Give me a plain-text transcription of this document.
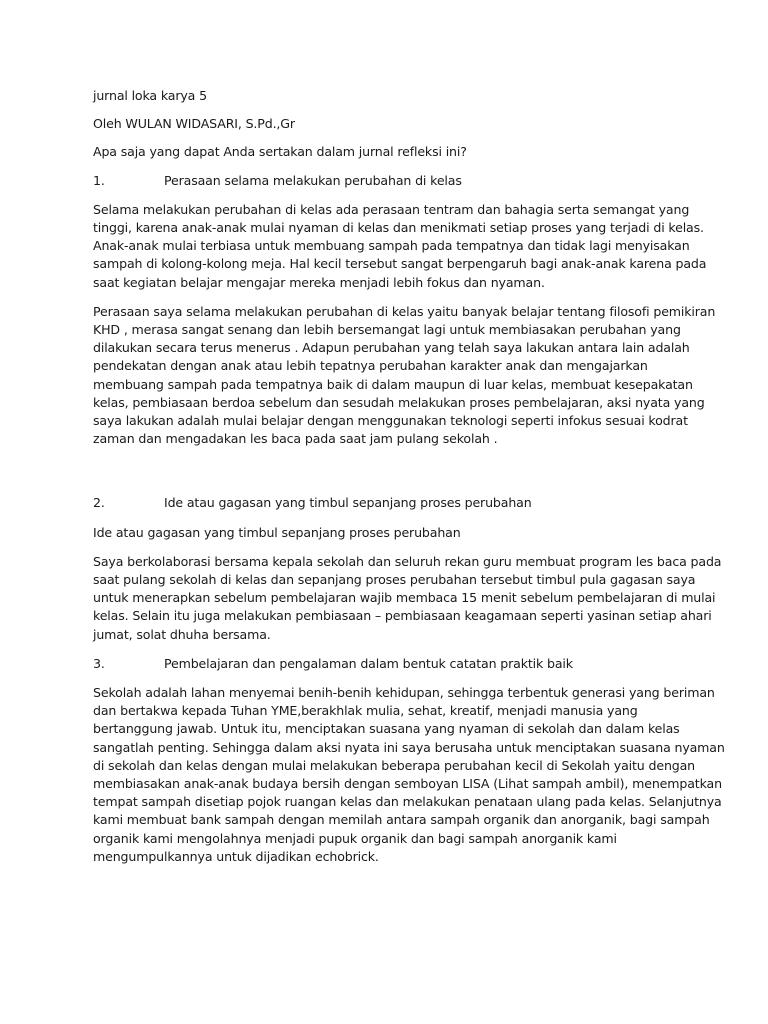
jurnal loka karya 5
Oleh WULAN WIDASARI, S.Pd.,Gr
Apa saja yang dapat Anda sertakan dalam jurnal refleksi ini?
1.	Perasaan selama melakukan perubahan di kelas
Selama melakukan perubahan di kelas ada perasaan tentram dan bahagia serta semangat yang
tinggi, karena anak-anak mulai nyaman di kelas dan menikmati setiap proses yang terjadi di kelas.
Anak-anak mulai terbiasa untuk membuang sampah pada tempatnya dan tidak lagi menyisakan
sampah di kolong-kolong meja. Hal kecil tersebut sangat berpengaruh bagi anak-anak karena pada
saat kegiatan belajar mengajar mereka menjadi lebih fokus dan nyaman.
Perasaan saya selama melakukan perubahan di kelas yaitu banyak belajar tentang filosofi pemikiran
KHD , merasa sangat senang dan lebih bersemangat lagi untuk membiasakan perubahan yang
dilakukan secara terus menerus . Adapun perubahan yang telah saya lakukan antara lain adalah
pendekatan dengan anak atau lebih tepatnya perubahan karakter anak dan mengajarkan
membuang sampah pada tempatnya baik di dalam maupun di luar kelas, membuat kesepakatan
kelas, pembiasaan berdoa sebelum dan sesudah melakukan proses pembelajaran, aksi nyata yang
saya lakukan adalah mulai belajar dengan menggunakan teknologi seperti infokus sesuai kodrat
zaman dan mengadakan les baca pada saat jam pulang sekolah .
2.	Ide atau gagasan yang timbul sepanjang proses perubahan
Ide atau gagasan yang timbul sepanjang proses perubahan
Saya berkolaborasi bersama kepala sekolah dan seluruh rekan guru membuat program les baca pada
saat pulang sekolah di kelas dan sepanjang proses perubahan tersebut timbul pula gagasan saya
untuk menerapkan sebelum pembelajaran wajib membaca 15 menit sebelum pembelajaran di mulai
kelas. Selain itu juga melakukan pembiasaan – pembiasaan keagamaan seperti yasinan setiap ahari
jumat, solat dhuha bersama.
3.	Pembelajaran dan pengalaman dalam bentuk catatan praktik baik
Sekolah adalah lahan menyemai benih-benih kehidupan, sehingga terbentuk generasi yang beriman
dan bertakwa kepada Tuhan YME,berakhlak mulia, sehat, kreatif, menjadi manusia yang
bertanggung jawab. Untuk itu, menciptakan suasana yang nyaman di sekolah dan dalam kelas
sangatlah penting. Sehingga dalam aksi nyata ini saya berusaha untuk menciptakan suasana nyaman
di sekolah dan kelas dengan mulai melakukan beberapa perubahan kecil di Sekolah yaitu dengan
membiasakan anak-anak budaya bersih dengan semboyan LISA (Lihat sampah ambil), menempatkan
tempat sampah disetiap pojok ruangan kelas dan melakukan penataan ulang pada kelas. Selanjutnya
kami membuat bank sampah dengan memilah antara sampah organik dan anorganik, bagi sampah
organik kami mengolahnya menjadi pupuk organik dan bagi sampah anorganik kami
mengumpulkannya untuk dijadikan echobrick.
